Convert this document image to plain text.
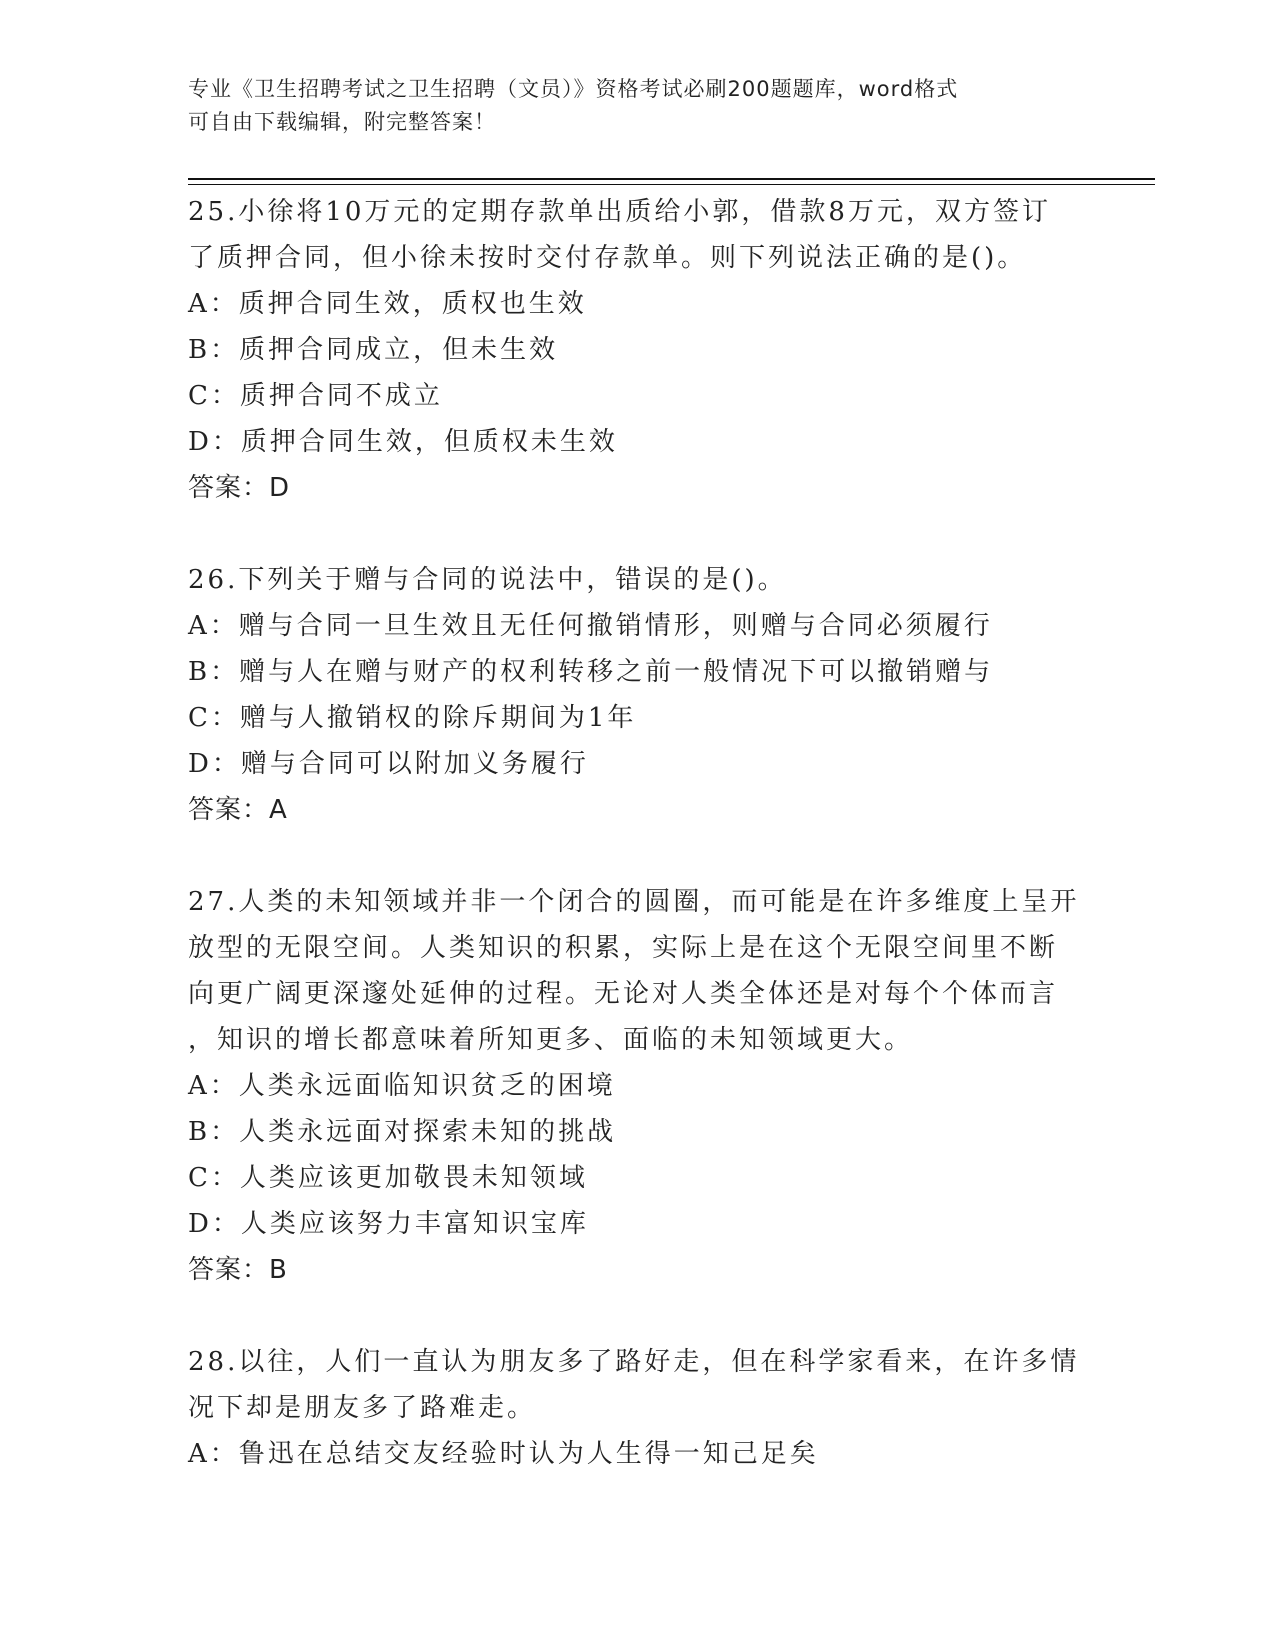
专业《卫生招聘考试之卫生招聘（文员）》资格考试必刷200题题库，word格式
可自由下载编辑，附完整答案！
25.小徐将10万元的定期存款单出质给小郭，借款8万元，双方签订
了质押合同，但小徐未按时交付存款单。则下列说法正确的是()。
A：质押合同生效，质权也生效
B：质押合同成立，但未生效
C：质押合同不成立
D：质押合同生效，但质权未生效
答案：D
26.下列关于赠与合同的说法中，错误的是()。
A：赠与合同一旦生效且无任何撤销情形，则赠与合同必须履行
B：赠与人在赠与财产的权利转移之前一般情况下可以撤销赠与
C：赠与人撤销权的除斥期间为1年
D：赠与合同可以附加义务履行
答案：A
27.人类的未知领域并非一个闭合的圆圈，而可能是在许多维度上呈开
放型的无限空间。人类知识的积累，实际上是在这个无限空间里不断
向更广阔更深邃处延伸的过程。无论对人类全体还是对每个个体而言
，知识的增长都意味着所知更多、面临的未知领域更大。
A：人类永远面临知识贫乏的困境
B：人类永远面对探索未知的挑战
C：人类应该更加敬畏未知领域
D：人类应该努力丰富知识宝库
答案：B
28.以往，人们一直认为朋友多了路好走，但在科学家看来，在许多情
况下却是朋友多了路难走。
A：鲁迅在总结交友经验时认为人生得一知己足矣
